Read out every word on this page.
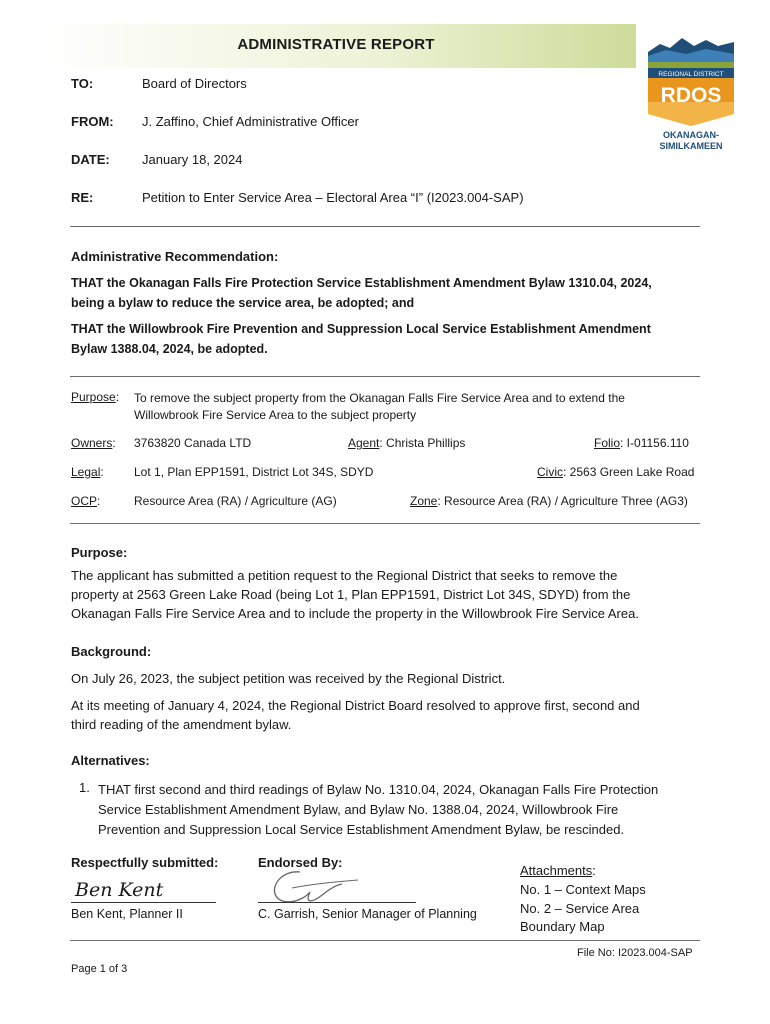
ADMINISTRATIVE REPORT
REGIONAL DISTRICT
RDOS
OKANAGAN-
SIMILKAMEEN
TO:	Board of Directors
FROM: J. Zaffino, Chief Administrative Officer
DATE: January 18, 2024
RE:	Petition to Enter Service Area – Electoral Area “I” (I2023.004-SAP)
Administrative Recommendation:
THAT the Okanagan Falls Fire Protection Service Establishment Amendment Bylaw 1310.04, 2024,
being a bylaw to reduce the service area, be adopted; and
THAT the Willowbrook Fire Prevention and Suppression Local Service Establishment Amendment
Bylaw 1388.04, 2024, be adopted.
Purpose: To remove the subject property from the Okanagan Falls Fire Service Area and to extend the
Willowbrook Fire Service Area to the subject property
Owners: 3763820 Canada LTD	Agent: Christa Phillips	Folio: I-01156.110
Legal:	Lot 1, Plan EPP1591, District Lot 34S, SDYD	Civic: 2563 Green Lake Road
OCP:	Resource Area (RA) / Agriculture (AG)	Zone: Resource Area (RA) / Agriculture Three (AG3)
Purpose:
The applicant has submitted a petition request to the Regional District that seeks to remove the
property at 2563 Green Lake Road (being Lot 1, Plan EPP1591, District Lot 34S, SDYD) from the
Okanagan Falls Fire Service Area and to include the property in the Willowbrook Fire Service Area.
Background:
On July 26, 2023, the subject petition was received by the Regional District.
At its meeting of January 4, 2024, the Regional District Board resolved to approve first, second and
third reading of the amendment bylaw.
Alternatives:
1. THAT first second and third readings of Bylaw No. 1310.04, 2024, Okanagan Falls Fire Protection
Service Establishment Amendment Bylaw, and Bylaw No. 1388.04, 2024, Willowbrook Fire
Prevention and Suppression Local Service Establishment Amendment Bylaw, be rescinded.
Respectfully submitted:
Ben Kent
Ben Kent, Planner II
Endorsed By:
C. Garrish, Senior Manager of Planning
Attachments:
No. 1 – Context Maps
No. 2 – Service Area
Boundary Map
File No: I2023.004-SAP
Page 1 of 3
